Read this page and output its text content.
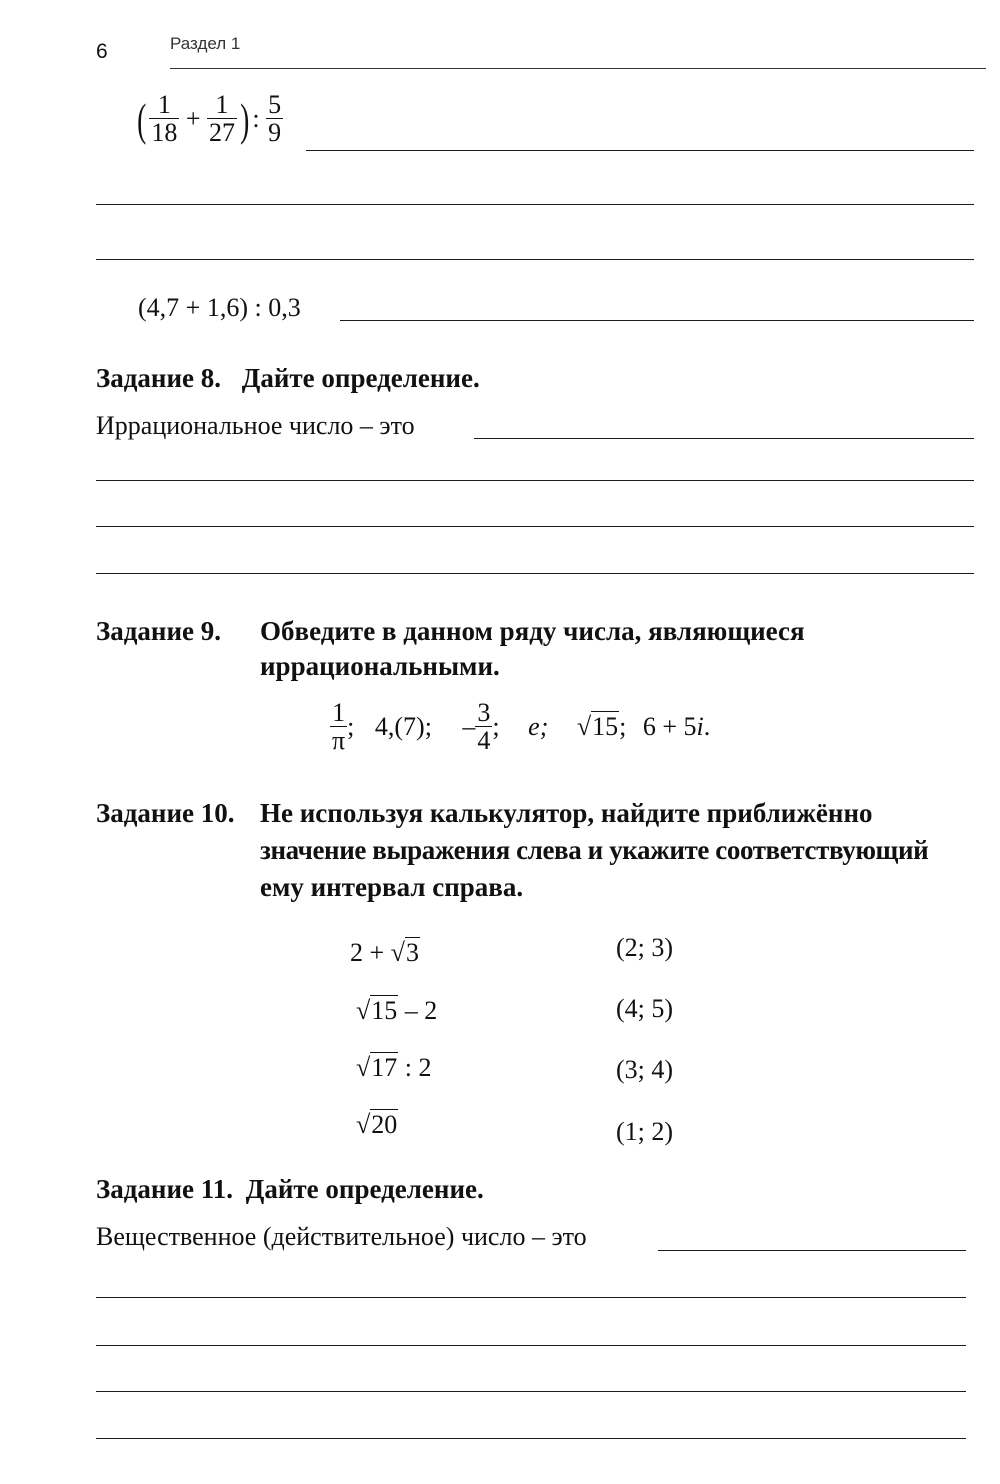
6	Раздел 1
( $\frac{1}{18} + \frac{1}{27}$ ) : $\frac{5}{9}$
(4,7 + 1,6) : 0,3
Задание 8. Дайте определение.
Иррациональное число – это
Задание 9. Обведите в данном ряду числа, являющиеся
иррациональными.
$\frac{1}{\pi}$ ; 4,(7); – $\frac{3}{4}$ ; e; √15; 6 + 5i.
Задание 10. Не используя калькулятор, найдите приближённо
значение выражения слева и укажите соответствующий
ему интервал справа.
2 + √3	(2; 3)
√15 – 2	(4; 5)
√17 : 2	(3; 4)
√20	(1; 2)
Задание 11. Дайте определение.
Вещественное (действительное) число – это
